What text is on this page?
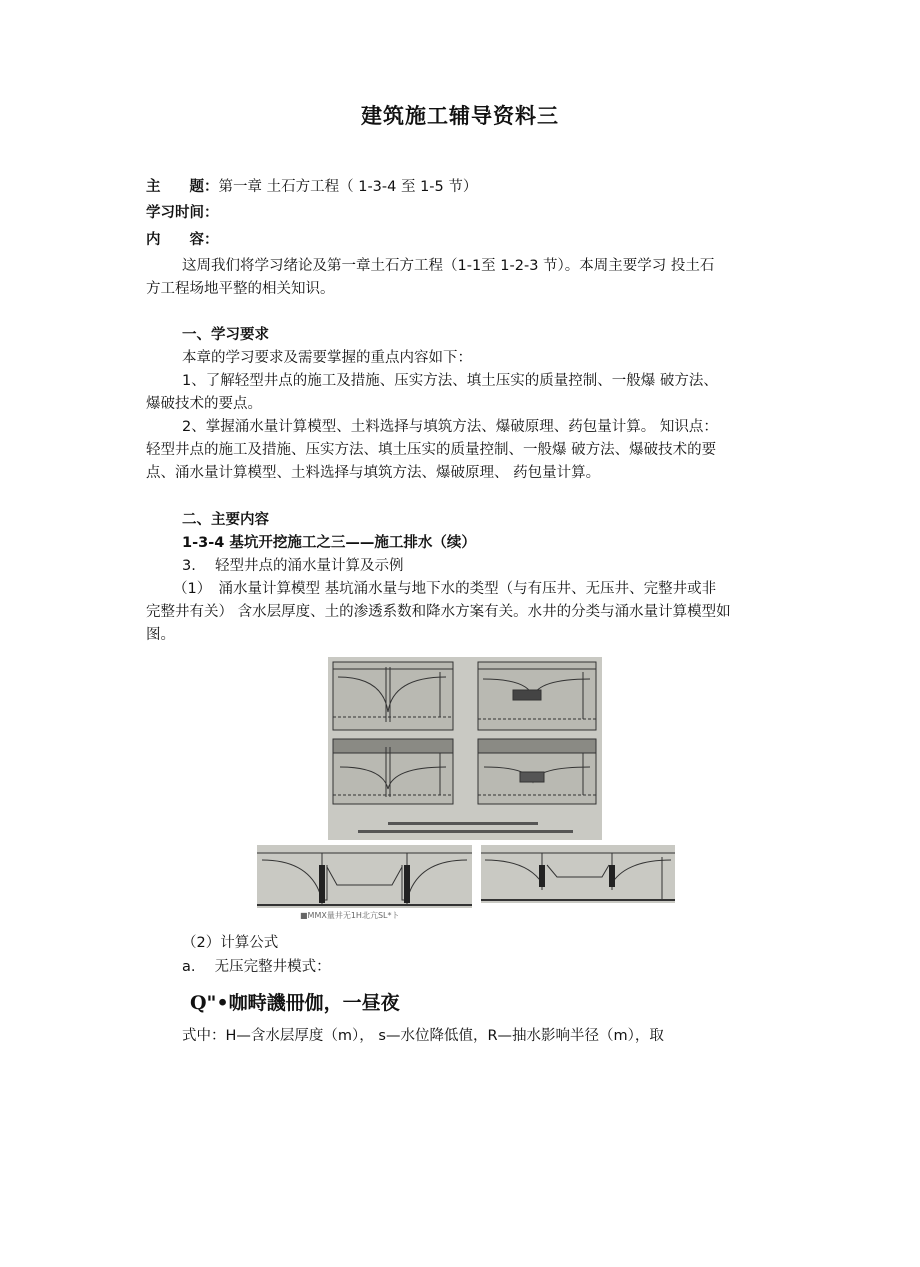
建筑施工辅导资料三
主　　题：第一章 土石方工程（ 1-3-4 至 1-5 节）
学习时间：
内　　容：
这周我们将学习绪论及第一章土石方工程（1-1至 1-2-3 节）。本周主要学习 投土石
方工程场地平整的相关知识。
一、学习要求
本章的学习要求及需要掌握的重点内容如下：
1、了解轻型井点的施工及措施、压实方法、填土压实的质量控制、一般爆 破方法、
爆破技术的要点。
2、掌握涌水量计算模型、土料选择与填筑方法、爆破原理、药包量计算。 知识点：
轻型井点的施工及措施、压实方法、填土压实的质量控制、一般爆 破方法、爆破技术的要
点、涌水量计算模型、土料选择与填筑方法、爆破原理、 药包量计算。
二、主要内容
1-3-4 基坑开挖施工之三——施工排水（续）
3.　 轻型井点的涌水量计算及示例
（1）　涌水量计算模型 基坑涌水量与地下水的类型（与有压井、无压井、完整井或非
完整井有关） 含水层厚度、土的渗透系数和降水方案有关。水井的分类与涌水量计算模型如
图。
■MMX量井无1H北亢SL*ト
（2）计算公式
a.　 无压完整井模式：
Q"•咖畤譏冊伽，一昼夜
式中：H—含水层厚度（m）， s—水位降低值，R—抽水影响半径（m），取
